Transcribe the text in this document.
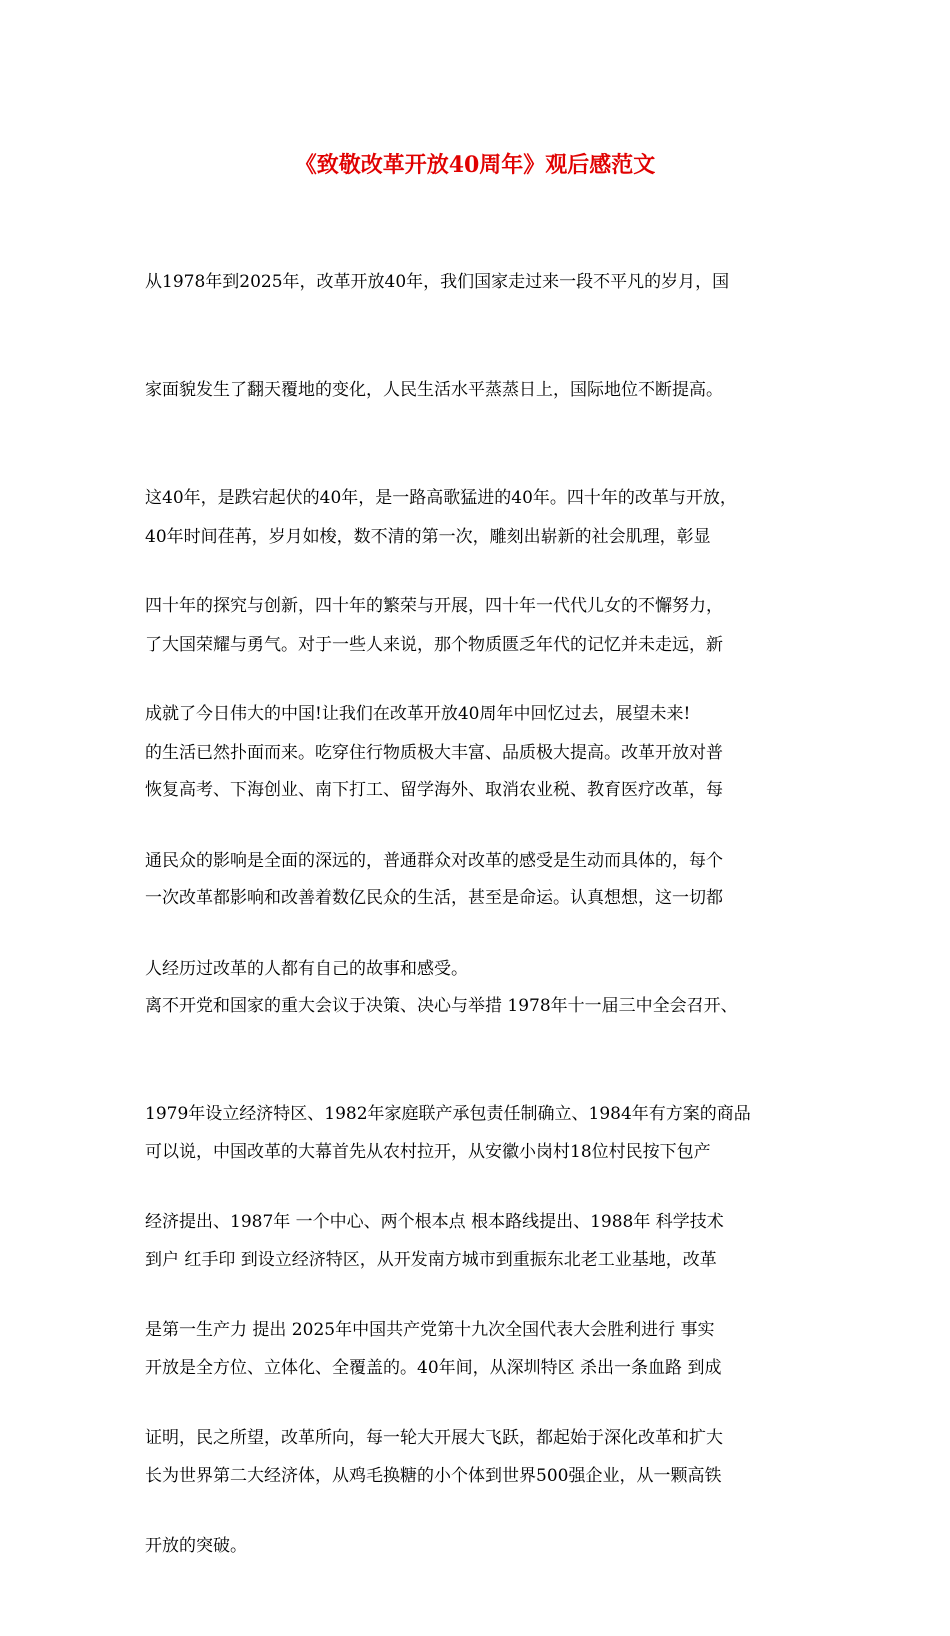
《致敬改革开放40周年》观后感范文

从1978年到2025年，改革开放40年，我们国家走过来一段不平凡的岁月，国

家面貌发生了翻天覆地的变化，人民生活水平蒸蒸日上，国际地位不断提高。

这40年，是跌宕起伏的40年，是一路高歌猛进的40年。四十年的改革与开放，

四十年的探究与创新，四十年的繁荣与开展，四十年一代代儿女的不懈努力，

成就了今日伟大的中国!让我们在改革开放40周年中回忆过去，展望未来!

40年时间荏苒，岁月如梭，数不清的第一次，雕刻出崭新的社会肌理，彰显

了大国荣耀与勇气。对于一些人来说，那个物质匮乏年代的记忆并未走远，新

的生活已然扑面而来。吃穿住行物质极大丰富、品质极大提高。改革开放对普

通民众的影响是全面的深远的，普通群众对改革的感受是生动而具体的，每个

人经历过改革的人都有自己的故事和感受。

恢复高考、下海创业、南下打工、留学海外、取消农业税、教育医疗改革，每

一次改革都影响和改善着数亿民众的生活，甚至是命运。认真想想，这一切都

离不开党和国家的重大会议于决策、决心与举措 1978年十一届三中全会召开、

1979年设立经济特区、1982年家庭联产承包责任制确立、1984年有方案的商品

经济提出、1987年 一个中心、两个根本点 根本路线提出、1988年 科学技术

是第一生产力 提出 2025年中国共产党第十九次全国代表大会胜利进行 事实

证明，民之所望，改革所向，每一轮大开展大飞跃，都起始于深化改革和扩大

开放的突破。

可以说，中国改革的大幕首先从农村拉开，从安徽小岗村18位村民按下包产

到户 红手印 到设立经济特区，从开发南方城市到重振东北老工业基地，改革

开放是全方位、立体化、全覆盖的。40年间，从深圳特区 杀出一条血路 到成

长为世界第二大经济体，从鸡毛换糖的小个体到世界500强企业，从一颗高铁
